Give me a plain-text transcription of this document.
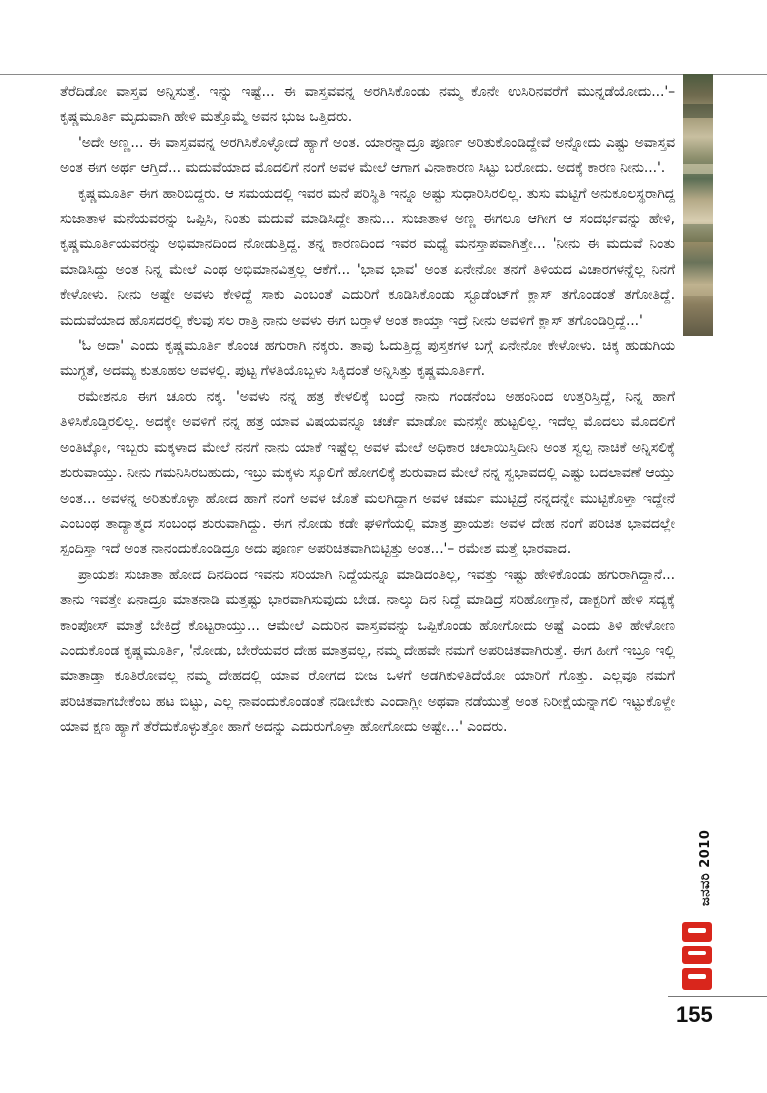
ತೆರೆದಿಡೋ ವಾಸ್ತವ ಅನ್ನಿಸುತ್ತೆ. ಇನ್ನು ಇಷ್ಟೆ... ಈ ವಾಸ್ತವವನ್ನ ಅರಗಿಸಿಕೊಂಡು ನಮ್ಮ ಕೊನೇ ಉಸಿರಿನವರೆಗೆ ಮುನ್ನಡೆಯೋದು...'– ಕೃಷ್ಣಮೂರ್ತಿ ಮೃದುವಾಗಿ ಹೇಳಿ ಮತ್ತೊಮ್ಮೆ ಅವನ ಭುಜ ಒತ್ತಿದರು.

'ಅದೇ ಅಣ್ಣ... ಈ ವಾಸ್ತವವನ್ನ ಅರಗಿಸಿಕೊಳ್ಳೋದೆ ಹ್ಯಾಗೆ ಅಂತ. ಯಾರನ್ನಾದ್ರೂ ಪೂರ್ಣ ಅರಿತುಕೊಂಡಿದ್ದೇವೆ ಅನ್ನೋದು ಎಷ್ಟು ಅವಾಸ್ತವ ಅಂತ ಈಗ ಅರ್ಥ ಆಗ್ತಿದೆ... ಮದುವೆಯಾದ ಮೊದಲಿಗೆ ನಂಗೆ ಅವಳ ಮೇಲೆ ಆಗಾಗ ವಿನಾಕಾರಣ ಸಿಟ್ಟು ಬರೋದು. ಅದಕ್ಕೆ ಕಾರಣ ನೀನು...'.

ಕೃಷ್ಣಮೂರ್ತಿ ಈಗ ಹಾರಿಬಿದ್ದರು. ಆ ಸಮಯದಲ್ಲಿ ಇವರ ಮನೆ ಪರಿಸ್ಥಿತಿ ಇನ್ನೂ ಅಷ್ಟು ಸುಧಾರಿಸಿರಲಿಲ್ಲ. ತುಸು ಮಟ್ಟಿಗೆ ಅನುಕೂಲಸ್ಥರಾಗಿದ್ದ ಸುಜಾತಾಳ ಮನೆಯವರನ್ನು ಒಪ್ಪಿಸಿ, ನಿಂತು ಮದುವೆ ಮಾಡಿಸಿದ್ದೇ ತಾನು... ಸುಜಾತಾಳ ಅಣ್ಣ ಈಗಲೂ ಆಗೀಗ ಆ ಸಂದರ್ಭವನ್ನು ಹೇಳಿ, ಕೃಷ್ಣಮೂರ್ತಿಯವರನ್ನು ಅಭಿಮಾನದಿಂದ ನೋಡುತ್ತಿದ್ದ. ತನ್ನ ಕಾರಣದಿಂದ ಇವರ ಮಧ್ಯೆ ಮನಸ್ತಾಪವಾಗಿತ್ತೇ... 'ನೀನು ಈ ಮದುವೆ ನಿಂತು ಮಾಡಿಸಿದ್ದು ಅಂತ ನಿನ್ನ ಮೇಲೆ ಎಂಥ ಅಭಿಮಾನವಿತ್ತಲ್ಲ ಆಕೆಗೆ... 'ಭಾವ ಭಾವ' ಅಂತ ಏನೇನೋ ತನಗೆ ತಿಳಿಯದ ವಿಚಾರಗಳನ್ನೆಲ್ಲ ನಿನಗೆ ಕೇಳೋಳು. ನೀನು ಅಷ್ಟೇ ಅವಳು ಕೇಳಿದ್ದೆ ಸಾಕು ಎಂಬಂತೆ ಎದುರಿಗೆ ಕೂಡಿಸಿಕೊಂಡು ಸ್ಟೂಡೆಂಟ್‌ಗೆ ಕ್ಲಾಸ್ ತಗೊಂಡಂತೆ ತಗೋತಿದ್ದೆ. ಮದುವೆಯಾದ ಹೊಸದರಲ್ಲಿ ಕೆಲವು ಸಲ ರಾತ್ರಿ ನಾನು ಅವಳು ಈಗ ಬರ್‍ತಾಳೆ ಅಂತ ಕಾಯ್ತಾ ಇದ್ರೆ ನೀನು ಅವಳಿಗೆ ಕ್ಲಾಸ್ ತಗೊಂಡಿರ್‍ತಿದ್ದೆ...'

'ಓ ಅದಾ' ಎಂದು ಕೃಷ್ಣಮೂರ್ತಿ ಕೊಂಚ ಹಗುರಾಗಿ ನಕ್ಕರು. ತಾವು ಓದುತ್ತಿದ್ದ ಪುಸ್ತಕಗಳ ಬಗ್ಗೆ ಏನೇನೋ ಕೇಳೋಳು. ಚಿಕ್ಕ ಹುಡುಗಿಯ ಮುಗ್ಧತೆ, ಅದಮ್ಯ ಕುತೂಹಲ ಅವಳಲ್ಲಿ. ಪುಟ್ಟ ಗೆಳತಿಯೊಬ್ಬಳು ಸಿಕ್ಕಿದಂತೆ ಅನ್ನಿಸಿತ್ತು ಕೃಷ್ಣಮೂರ್ತಿಗೆ.

ರಮೇಶನೂ ಈಗ ಚೂರು ನಕ್ಕ. 'ಅವಳು ನನ್ನ ಹತ್ರ ಕೇಳಲಿಕ್ಕೆ ಬಂದ್ರೆ ನಾನು ಗಂಡನೆಂಬ ಅಹಂನಿಂದ ಉತ್ತರಿಸ್ತಿದ್ದೆ, ನಿನ್ನ ಹಾಗೆ ತಿಳಿಸಿಕೊಡ್ತಿರಲಿಲ್ಲ. ಅದಕ್ಕೇ ಅವಳಿಗೆ ನನ್ನ ಹತ್ರ ಯಾವ ವಿಷಯವನ್ನೂ ಚರ್ಚೆ ಮಾಡೋ ಮನಸ್ಸೇ ಹುಟ್ಟಲಿಲ್ಲ. ಇದೆಲ್ಲ ಮೊದಲು ಮೊದಲಿಗೆ ಅಂತಿಟ್ಕೋ, ಇಬ್ಬರು ಮಕ್ಕಳಾದ ಮೇಲೆ ನನಗೆ ನಾನು ಯಾಕೆ ಇಷ್ಟೆಲ್ಲ ಅವಳ ಮೇಲೆ ಅಧಿಕಾರ ಚಲಾಯಿಸ್ತಿದೀನಿ ಅಂತ ಸ್ವಲ್ಪ ನಾಚಿಕೆ ಅನ್ನಿಸಲಿಕ್ಕೆ ಶುರುವಾಯ್ತು. ನೀನು ಗಮನಿಸಿರಬಹುದು, ಇಬ್ರು ಮಕ್ಕಳು ಸ್ಕೂಲಿಗೆ ಹೋಗಲಿಕ್ಕೆ ಶುರುವಾದ ಮೇಲೆ ನನ್ನ ಸ್ವಭಾವದಲ್ಲಿ ಎಷ್ಟು ಬದಲಾವಣೆ ಆಯ್ತು ಅಂತ... ಅವಳನ್ನ ಅರಿತುಕೊಳ್ಳಾ ಹೋದ ಹಾಗೆ ನಂಗೆ ಅವಳ ಜೊತೆ ಮಲಗಿದ್ದಾಗ ಅವಳ ಚರ್ಮ ಮುಟ್ಟಿದ್ರೆ ನನ್ನದನ್ನೇ ಮುಟ್ಟಿಕೊಳ್ತಾ ಇದ್ದೇನೆ ಎಂಬಂಥ ತಾದ್ಯಾತ್ಮದ ಸಂಬಂಧ ಶುರುವಾಗಿದ್ದು. ಈಗ ನೋಡು ಕಡೇ ಘಳಿಗೆಯಲ್ಲಿ ಮಾತ್ರ ಪ್ರಾಯಶಃ ಅವಳ ದೇಹ ನಂಗೆ ಪರಿಚಿತ ಭಾವದಲ್ಲೇ ಸ್ಪಂದಿಸ್ತಾ ಇದೆ ಅಂತ ನಾನಂದುಕೊಂಡಿದ್ರೂ ಅದು ಪೂರ್ಣ ಅಪರಿಚಿತವಾಗಿಬಿಟ್ಟಿತ್ತು ಅಂತ...'– ರಮೇಶ ಮತ್ತೆ ಭಾರವಾದ.

ಪ್ರಾಯಶಃ ಸುಜಾತಾ ಹೋದ ದಿನದಿಂದ ಇವನು ಸರಿಯಾಗಿ ನಿದ್ದೆಯನ್ನೂ ಮಾಡಿದಂತಿಲ್ಲ, ಇವತ್ತು ಇಷ್ಟು ಹೇಳಿಕೊಂಡು ಹಗುರಾಗಿದ್ದಾನೆ... ತಾನು ಇವತ್ತೇ ಏನಾದ್ರೂ ಮಾತನಾಡಿ ಮತ್ತಷ್ಟು ಭಾರವಾಗಿಸುವುದು ಬೇಡ. ನಾಲ್ಕು ದಿನ ನಿದ್ದೆ ಮಾಡಿದ್ರೆ ಸರಿಹೋಗ್ತಾನೆ, ಡಾಕ್ಟರಿಗೆ ಹೇಳಿ ಸದ್ಯಕ್ಕೆ ಕಾಂಪೋಸ್ ಮಾತ್ರೆ ಬೇಕಿದ್ರೆ ಕೊಟ್ಟರಾಯ್ತು... ಆಮೇಲೆ ಎದುರಿನ ವಾಸ್ತವವನ್ನು ಒಪ್ಪಿಕೊಂಡು ಹೋಗೋದು ಅಷ್ಟೆ ಎಂದು ತಿಳಿ ಹೇಳೋಣ ಎಂದುಕೊಂಡ ಕೃಷ್ಣಮೂರ್ತಿ, 'ನೋಡು, ಬೇರೆಯವರ ದೇಹ ಮಾತ್ರವಲ್ಲ, ನಮ್ಮ ದೇಹವೇ ನಮಗೆ ಅಪರಿಚಿತವಾಗಿರುತ್ತೆ. ಈಗ ಹೀಗೆ ಇಬ್ರೂ ಇಲ್ಲಿ ಮಾತಾಡ್ತಾ ಕೂತಿರೋವಲ್ಲ ನಮ್ಮ ದೇಹದಲ್ಲಿ ಯಾವ ರೋಗದ ಬೀಜ ಒಳಗೆ ಅಡಗಿಕುಳಿತಿದೆಯೋ ಯಾರಿಗೆ ಗೊತ್ತು. ಎಲ್ಲವೂ ನಮಗೆ ಪರಿಚಿತವಾಗಬೇಕೆಂಬ ಹಟ ಬಿಟ್ಟು, ಎಲ್ಲ ನಾವಂದುಕೊಂಡಂತೆ ನಡೀಬೇಕು ಎಂದಾಗ್ಲೀ ಅಥವಾ ನಡೆಯುತ್ತೆ ಅಂತ ನಿರೀಕ್ಷೆಯನ್ನಾಗಲಿ ಇಟ್ಟುಕೊಳ್ದೇ ಯಾವ ಕ್ಷಣ ಹ್ಯಾಗೆ ತೆರೆದುಕೊಳ್ಳುತ್ತೋ ಹಾಗೆ ಅದನ್ನು ಎದುರುಗೊಳ್ತಾ ಹೋಗೋದು ಅಷ್ಟೇ...' ಎಂದರು.

ಜನವರಿ 2010
155
